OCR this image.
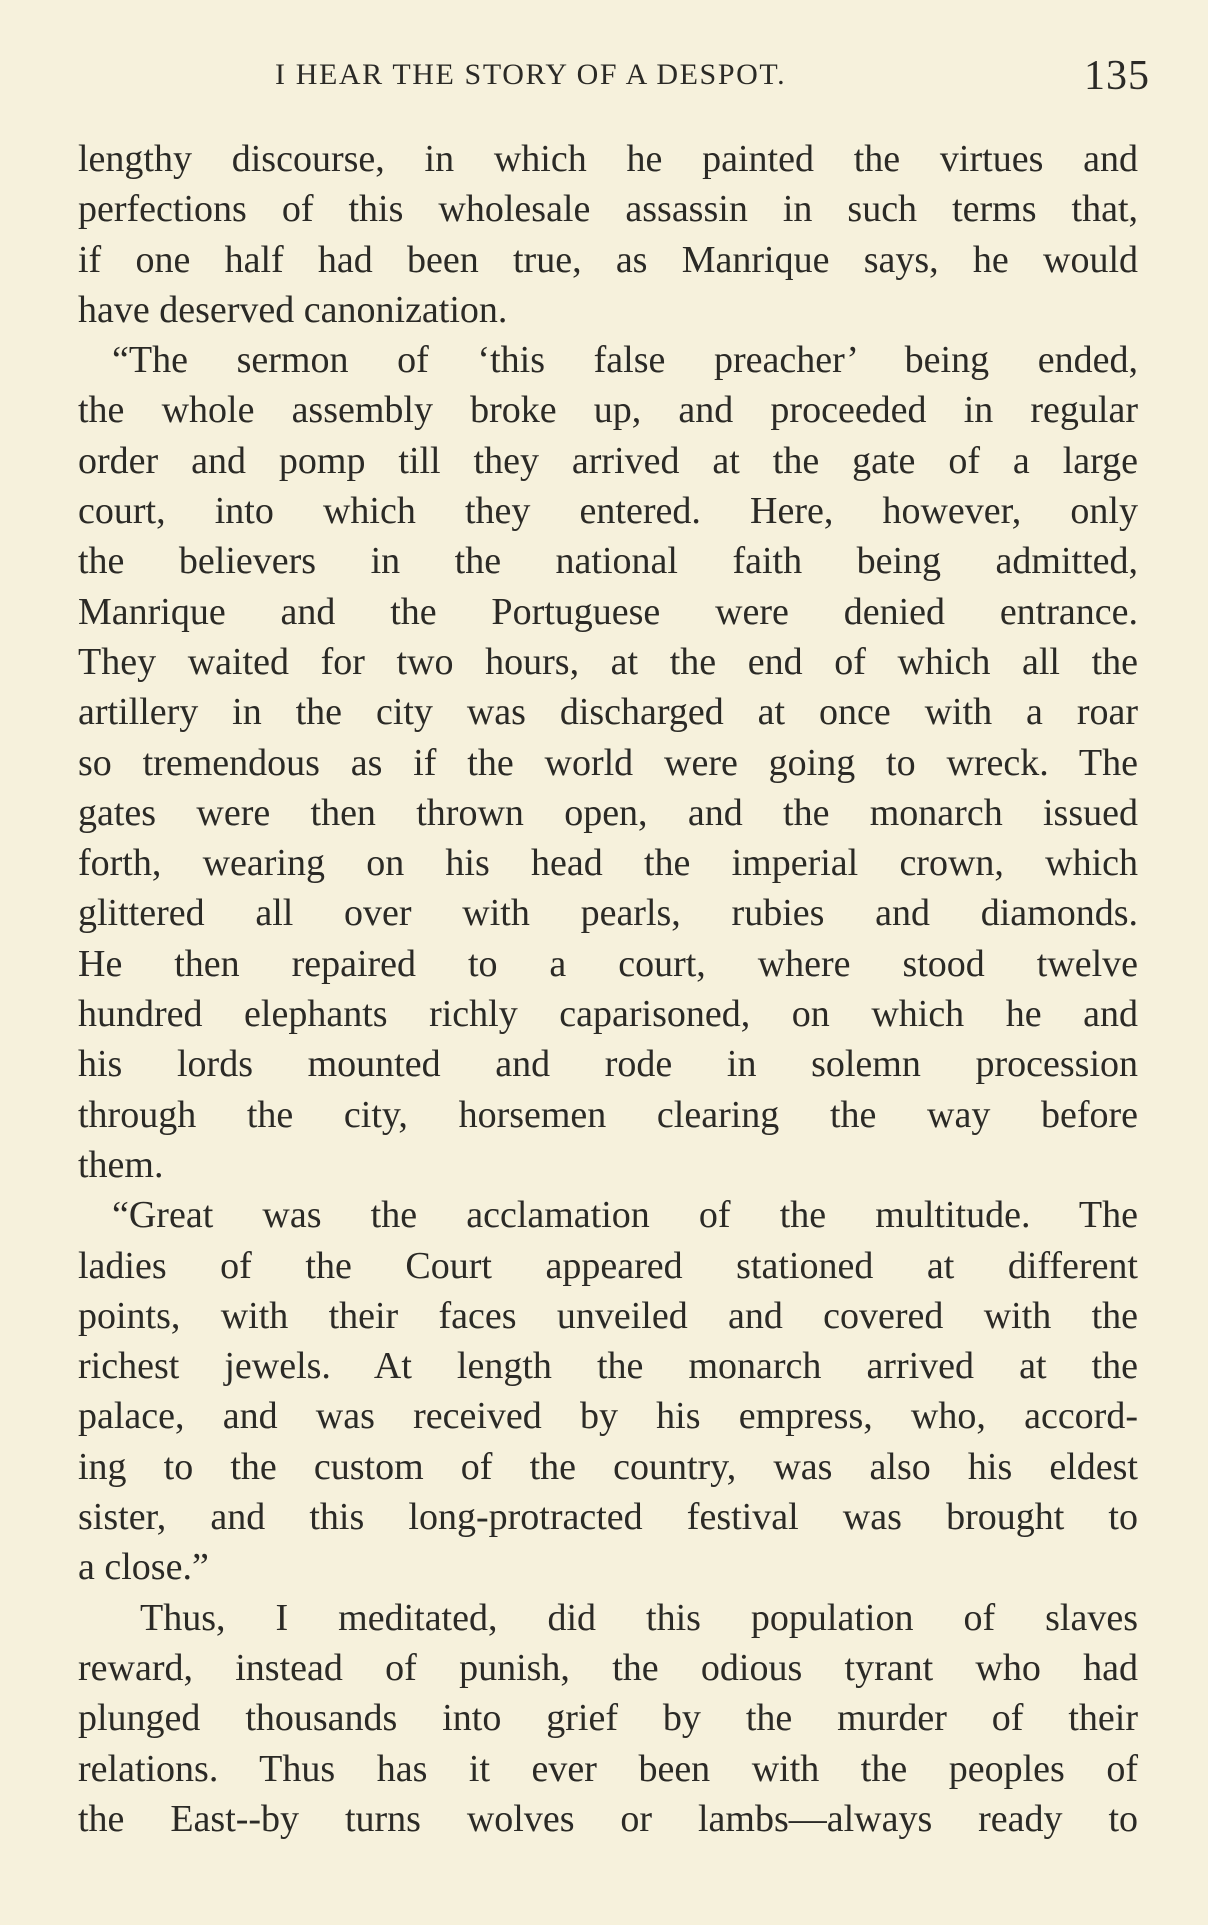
I HEAR THE STORY OF A DESPOT.	135
lengthy discourse, in which he painted the virtues and
perfections of this wholesale assassin in such terms that,
if one half had been true, as Manrique says, he would
have deserved canonization.
“The sermon of ‘this false preacher’ being ended,
the whole assembly broke up, and proceeded in regular
order and pomp till they arrived at the gate of a large
court, into which they entered. Here, however, only
the believers in the national faith being admitted,
Manrique and the Portuguese were denied entrance.
They waited for two hours, at the end of which all the
artillery in the city was discharged at once with a roar
so tremendous as if the world were going to wreck. The
gates were then thrown open, and the monarch issued
forth, wearing on his head the imperial crown, which
glittered all over with pearls, rubies and diamonds.
He then repaired to a court, where stood twelve
hundred elephants richly caparisoned, on which he and
his lords mounted and rode in solemn procession
through the city, horsemen clearing the way before
them.
“Great was the acclamation of the multitude. The
ladies of the Court appeared stationed at different
points, with their faces unveiled and covered with the
richest jewels. At length the monarch arrived at the
palace, and was received by his empress, who, accord-
ing to the custom of the country, was also his eldest
sister, and this long-protracted festival was brought to
a close.”
Thus, I meditated, did this population of slaves
reward, instead of punish, the odious tyrant who had
plunged thousands into grief by the murder of their
relations. Thus has it ever been with the peoples of
the East--by turns wolves or lambs—always ready to
